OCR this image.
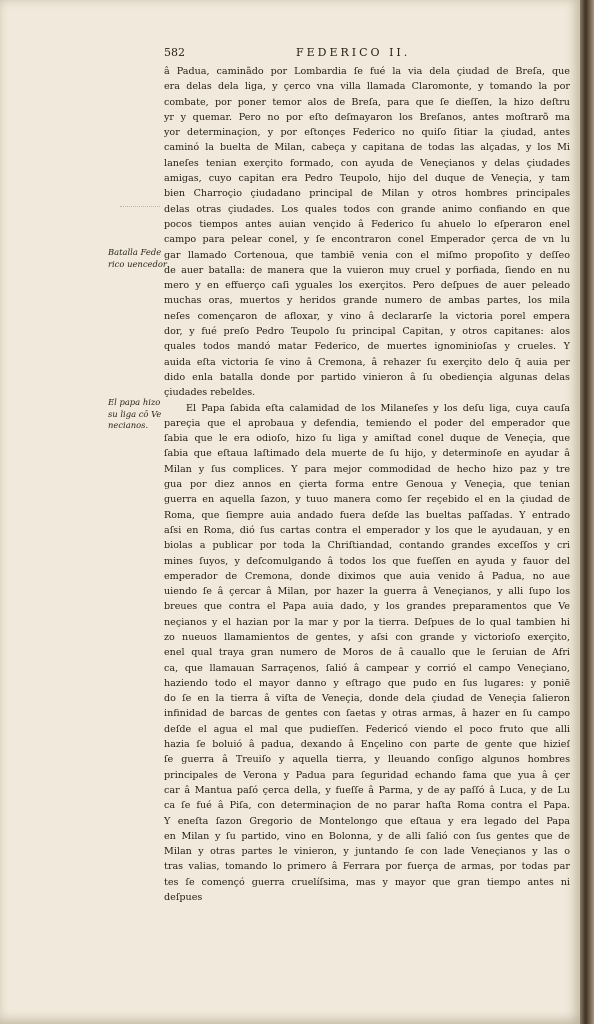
582	FEDERICO II.
Batalla Fede
rico uencedor
El papa hizo
su liga cō Ve
necianos.
â Padua, caminãdo por Lombardia ſe fué la via dela çiudad de Breſa, que
era delas dela liga, y çerco vna villa llamada Claromonte, y tomando la por
combate, por poner temor alos de Breſa, para que ſe dieſſen, la hizo deſtru
yr y quemar. Pero no por eſto deſmayaron los Breſanos, antes moſtrarõ ma
yor determinaçion, y por eſtonçes Federico no quiſo ſitiar la çiudad, antes
caminó la buelta de Milan, cabeça y capitana de todas las alçadas, y los Mi
laneſes tenian exerçito formado, con ayuda de Veneçianos y delas çiudades
amigas, cuyo capitan era Pedro Teupolo, hijo del duque de Veneçia, y tam
bien Charroçio çiudadano principal de Milan y otros hombres principales
delas otras çiudades. Los quales todos con grande animo confiando en que
pocos tiempos antes auian vençido â Federico ſu ahuelo lo eſperaron enel
campo para pelear conel, y ſe encontraron conel Emperador çerca de vn lu
gar llamado Cortenoua, que tambiē venia con el miſmo propoſito y deſſeo
de auer batalla: de manera que la vuieron muy cruel y porfiada, ſiendo en nu
mero y en effuerço caſi yguales los exerçitos. Pero deſpues de auer peleado
muchas oras, muertos y heridos grande numero de ambas partes, los mila
neſes començaron de afloxar, y vino â declararſe la victoria porel empera
dor, y fué preſo Pedro Teupolo ſu principal Capitan, y otros capitanes: alos
quales todos mandó matar Federico, de muertes ignominioſas y crueles. Y
auida eſta victoria ſe vino â Cremona, â rehazer ſu exerçito delo q̃ auia per
dido enla batalla donde por partido vinieron â ſu obediençia algunas delas
çiudades rebeldes.
El Papa ſabida eſta calamidad de los Milaneſes y los deſu liga, cuya cauſa
pareçia que el aprobaua y defendia, temiendo el poder del emperador que
ſabia que le era odioſo, hizo ſu liga y amiſtad conel duque de Veneçia, que
ſabia que eſtaua laſtimado dela muerte de ſu hijo, y determinoſe en ayudar â
Milan y ſus complices. Y para mejor commodidad de hecho hizo paz y tre
gua por diez annos en çierta forma entre Genoua y Veneçia, que tenian
guerra en aquella ſazon, y tuuo manera como ſer reçebido el en la çiudad de
Roma, que ſiempre auia andado fuera deſde las bueltas paſſadas. Y entrado
aſsi en Roma, dió ſus cartas contra el emperador y los que le ayudauan, y en
biolas a publicar por toda la Chriſtiandad, contando grandes exceſſos y cri
mines ſuyos, y deſcomulgando â todos los que fueſſen en ayuda y fauor del
emperador de Cremona, donde diximos que auia venido â Padua, no aue
uiendo ſe â çercar â Milan, por hazer la guerra â Veneçianos, y alli ſupo los
breues que contra el Papa auia dado, y los grandes preparamentos que Ve
neçianos y el hazian por la mar y por la tierra. Deſpues de lo qual tambien hi
zo nueuos llamamientos de gentes, y aſsi con grande y victorioſo exerçito,
enel qual traya gran numero de Moros de â cauallo que le ſeruian de Afri
ca, que llamauan Sarraçenos, ſalió â campear y corrió el campo Veneçiano,
haziendo todo el mayor danno y eſtrago que pudo en ſus lugares: y poniē
do ſe en la tierra â viſta de Veneçia, donde dela çiudad de Veneçia ſalieron
infinidad de barcas de gentes con ſaetas y otras armas, â hazer en ſu campo
deſde el agua el mal que pudieſſen. Federicó viendo el poco fruto que alli
hazia ſe boluió â padua, dexando â Ençelino con parte de gente que hizieſ
ſe guerra â Treuiſo y aquella tierra, y lleuando conſigo algunos hombres
principales de Verona y Padua para ſeguridad echando fama que yua â çer
car â Mantua paſó çerca della, y fueſſe â Parma, y de ay paſſó â Luca, y de Lu
ca ſe fué â Piſa, con determinaçion de no parar haſta Roma contra el Papa.
Y eneſta ſazon Gregorio de Montelongo que eſtaua y era legado del Papa
en Milan y ſu partido, vino en Bolonna, y de alli ſalió con ſus gentes que de
Milan y otras partes le vinieron, y juntando ſe con lade Veneçianos y las o
tras valias, tomando lo primero â Ferrara por fuerça de armas, por todas par
tes ſe començó guerra cruelíſsima, mas y mayor que gran tiempo antes ni
deſpues
